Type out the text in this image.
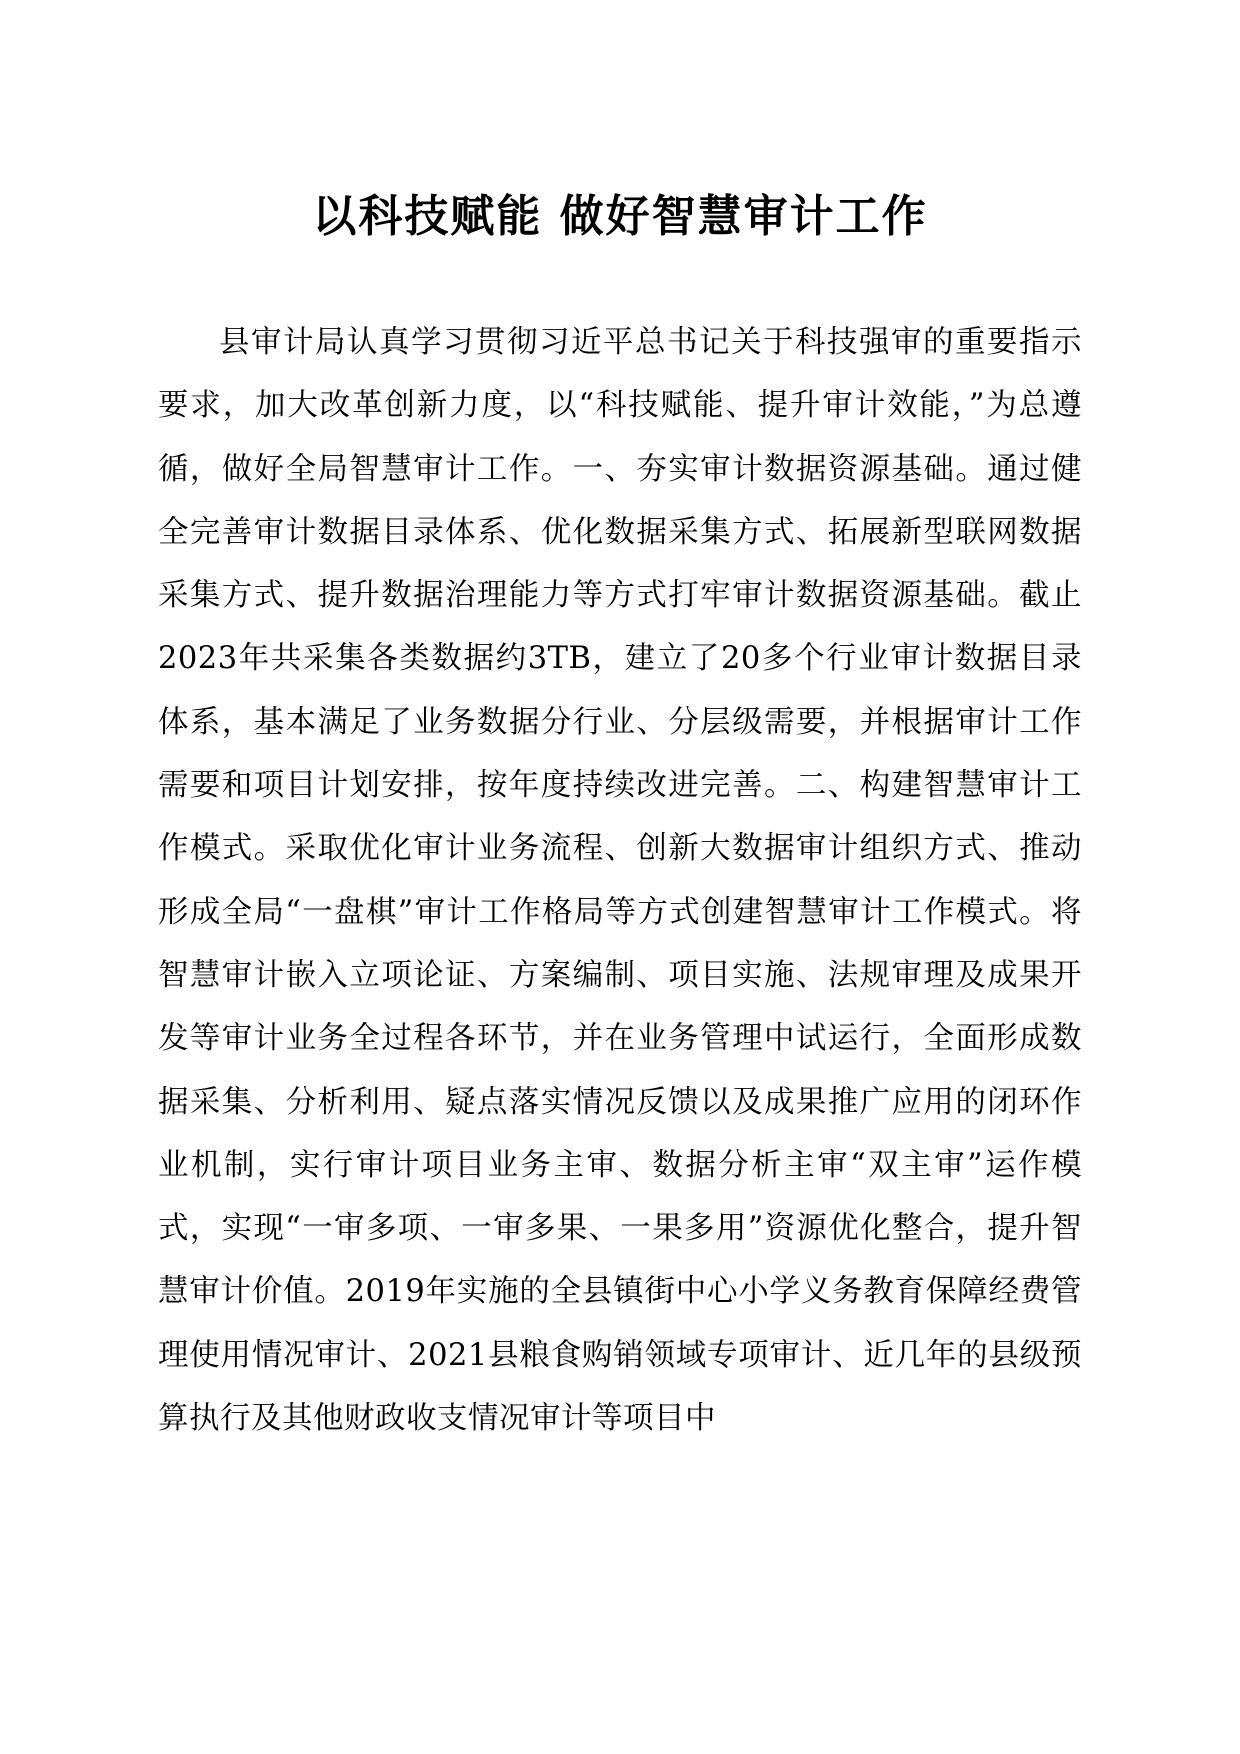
以科技赋能 做好智慧审计工作

县审计局认真学习贯彻习近平总书记关于科技强审的重要指示要求，加大改革创新力度，以“科技赋能、提升审计效能，”为总遵循，做好全局智慧审计工作。一、夯实审计数据资源基础。通过健全完善审计数据目录体系、优化数据采集方式、拓展新型联网数据采集方式、提升数据治理能力等方式打牢审计数据资源基础。截止2023年共采集各类数据约3TB，建立了20多个行业审计数据目录体系，基本满足了业务数据分行业、分层级需要，并根据审计工作需要和项目计划安排，按年度持续改进完善。二、构建智慧审计工作模式。采取优化审计业务流程、创新大数据审计组织方式、推动形成全局“一盘棋”审计工作格局等方式创建智慧审计工作模式。将智慧审计嵌入立项论证、方案编制、项目实施、法规审理及成果开发等审计业务全过程各环节，并在业务管理中试运行，全面形成数据采集、分析利用、疑点落实情况反馈以及成果推广应用的闭环作业机制，实行审计项目业务主审、数据分析主审“双主审”运作模式，实现“一审多项、一审多果、一果多用”资源优化整合，提升智慧审计价值。2019年实施的全县镇街中心小学义务教育保障经费管理使用情况审计、2021县粮食购销领域专项审计、近几年的县级预算执行及其他财政收支情况审计等项目中
